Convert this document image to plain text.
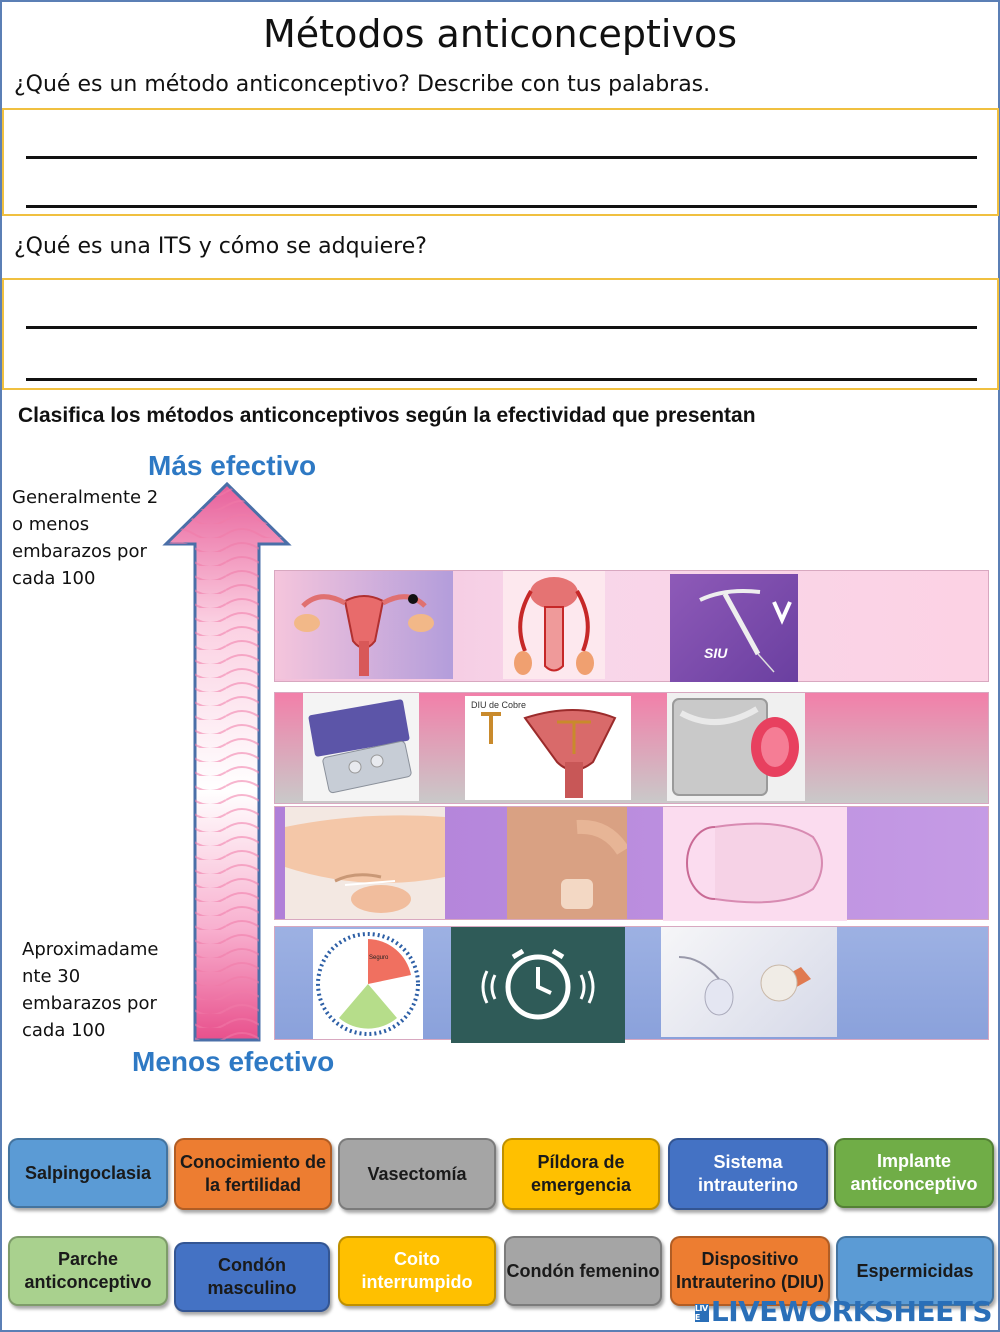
Métodos anticonceptivos
¿Qué es un método anticonceptivo? Describe con tus palabras.
¿Qué es una ITS y cómo se adquiere?
Clasifica los métodos anticonceptivos según la efectividad que presentan
Más efectivo
Menos efectivo
Generalmente 2
o menos
embarazos por
cada 100
Aproximadame
nte 30
embarazos por
cada 100
SIU
DIU de Cobre
Seguro
Salpingoclasia
Conocimiento de la fertilidad
Vasectomía
Píldora de emergencia
Sistema intrauterino
Implante anticonceptivo
Parche anticonceptivo
Condón masculino
Coito interrumpido
Condón femenino
Dispositivo Intrauterino (DIU)
Espermicidas
LIVE LIVEWORKSHEETS
